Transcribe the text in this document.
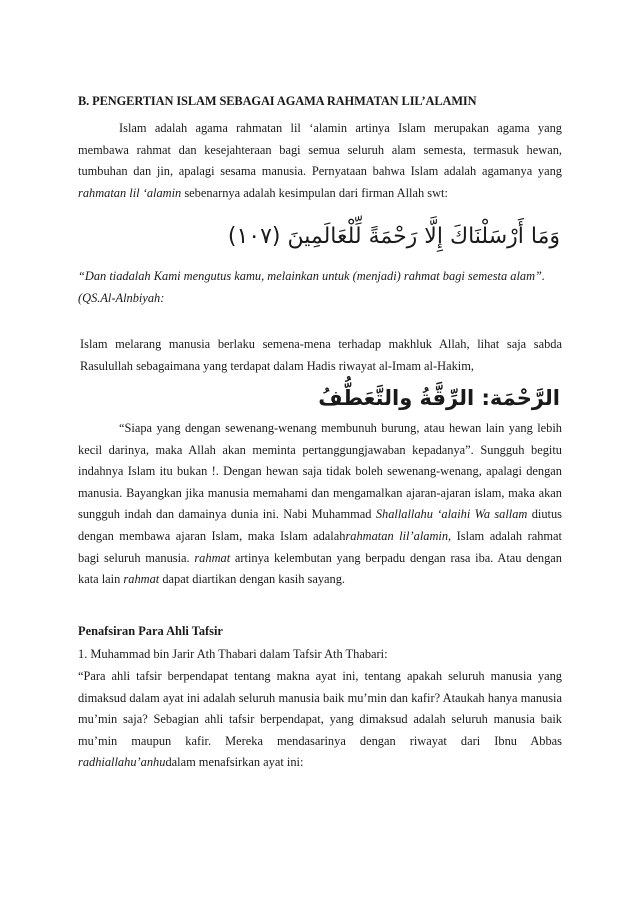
B. PENGERTIAN ISLAM SEBAGAI AGAMA RAHMATAN LIL’ALAMIN
Islam adalah agama rahmatan lil ‘alamin artinya Islam merupakan agama yang membawa rahmat dan kesejahteraan bagi semua seluruh alam semesta, termasuk hewan, tumbuhan dan jin, apalagi sesama manusia. Pernyataan bahwa Islam adalah agamanya yang rahmatan lil ‘alamin sebenarnya adalah kesimpulan dari firman Allah swt:
وَمَا أَرْسَلْنَاكَ إِلَّا رَحْمَةً لِّلْعَالَمِينَ (١٠٧)
“Dan tiadalah Kami mengutus kamu, melainkan untuk (menjadi) rahmat bagi semesta alam”.(QS.Al-Alnbiyah:
Islam melarang manusia berlaku semena-mena terhadap makhluk Allah, lihat saja sabda Rasulullah sebagaimana yang terdapat dalam Hadis riwayat al-Imam al-Hakim,
الرَّحْمَة: الرِّقَّةُ والتَّعَطُّفُ
“Siapa yang dengan sewenang-wenang membunuh burung, atau hewan lain yang lebih kecil darinya, maka Allah akan meminta pertanggungjawaban kepadanya”. Sungguh begitu indahnya Islam itu bukan !. Dengan hewan saja tidak boleh sewenang-wenang, apalagi dengan manusia. Bayangkan jika manusia memahami dan mengamalkan ajaran-ajaran islam, maka akan sungguh indah dan damainya dunia ini. Nabi Muhammad Shallallahu ‘alaihi Wa sallam diutus dengan membawa ajaran Islam, maka Islam adalahrahmatan lil’alamin, Islam adalah rahmat bagi seluruh manusia. rahmat artinya kelembutan yang berpadu dengan rasa iba. Atau dengan kata lain rahmat dapat diartikan dengan kasih sayang.
Penafsiran Para Ahli Tafsir
1. Muhammad bin Jarir Ath Thabari dalam Tafsir Ath Thabari:
“Para ahli tafsir berpendapat tentang makna ayat ini, tentang apakah seluruh manusia yang dimaksud dalam ayat ini adalah seluruh manusia baik mu’min dan kafir? Ataukah hanya manusia mu’min saja? Sebagian ahli tafsir berpendapat, yang dimaksud adalah seluruh manusia baik mu’min maupun kafir. Mereka mendasarinya dengan riwayat dari Ibnu Abbas radhiallahu’anhudalam menafsirkan ayat ini:
